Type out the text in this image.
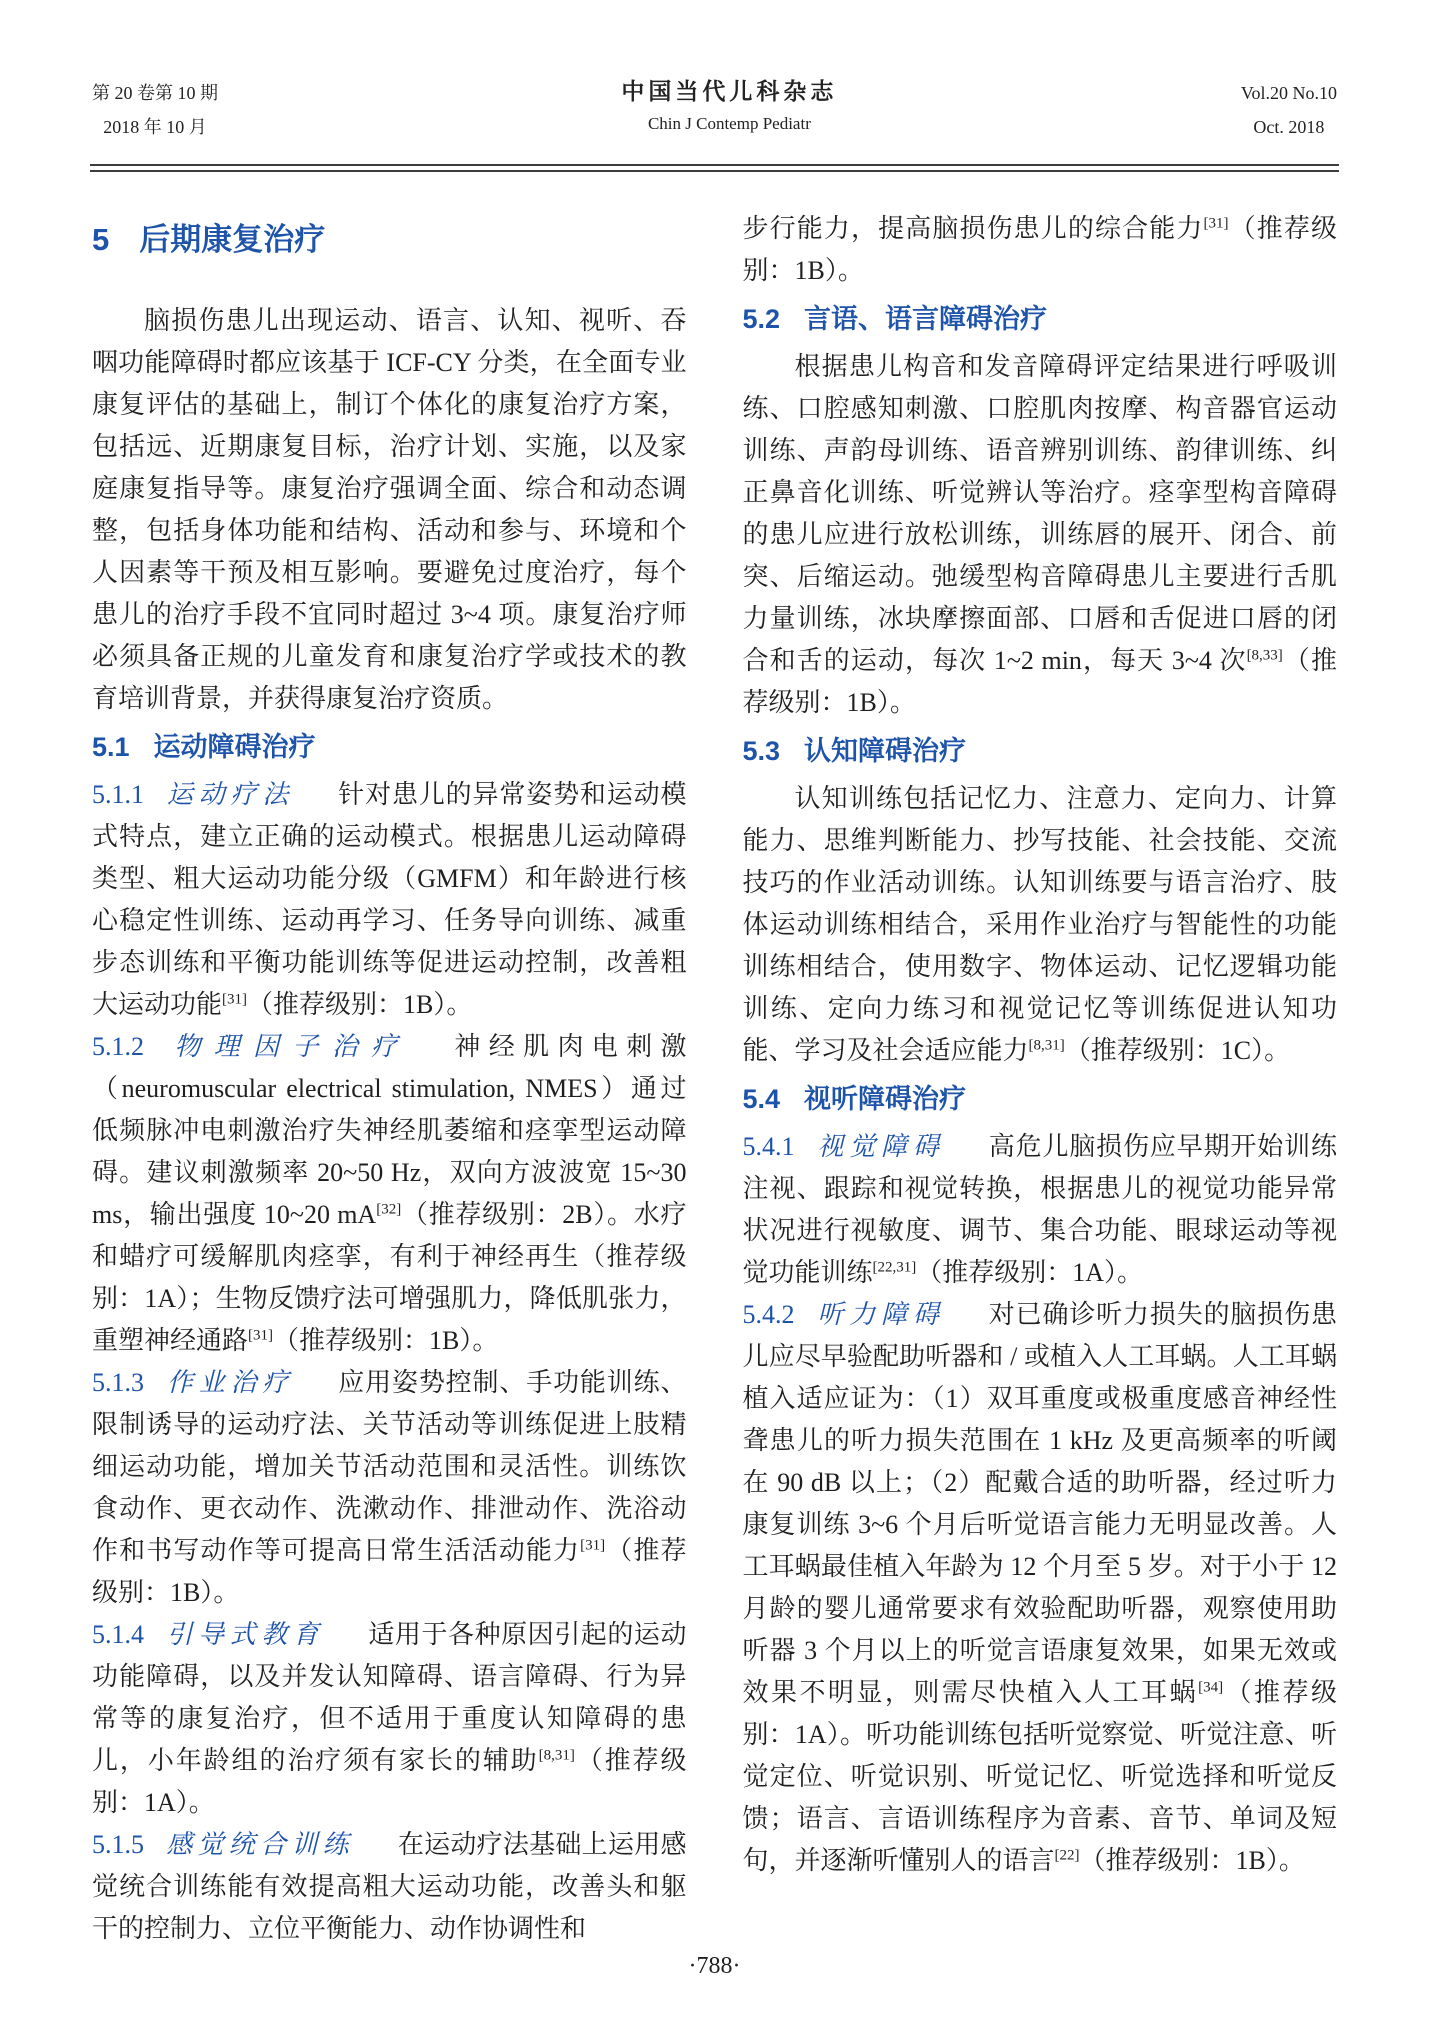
第 20 卷第 10 期
2018 年 10 月
中国当代儿科杂志
Chin J Contemp Pediatr
Vol.20 No.10
Oct. 2018
5 后期康复治疗

脑损伤患儿出现运动、语言、认知、视听、吞咽功能障碍时都应该基于 ICF-CY 分类，在全面专业康复评估的基础上，制订个体化的康复治疗方案，包括远、近期康复目标，治疗计划、实施，以及家庭康复指导等。康复治疗强调全面、综合和动态调整，包括身体功能和结构、活动和参与、环境和个人因素等干预及相互影响。要避免过度治疗，每个患儿的治疗手段不宜同时超过 3~4 项。康复治疗师必须具备正规的儿童发育和康复治疗学或技术的教育培训背景，并获得康复治疗资质。

5.1 运动障碍治疗

5.1.1 运动疗法 针对患儿的异常姿势和运动模式特点，建立正确的运动模式。根据患儿运动障碍类型、粗大运动功能分级（GMFM）和年龄进行核心稳定性训练、运动再学习、任务导向训练、减重步态训练和平衡功能训练等促进运动控制，改善粗大运动功能[31]（推荐级别：1B）。

5.1.2 物理因子治疗 神经肌肉电刺激（neuromuscular electrical stimulation, NMES）通过低频脉冲电刺激治疗失神经肌萎缩和痉挛型运动障碍。建议刺激频率 20~50 Hz，双向方波波宽 15~30 ms，输出强度 10~20 mA[32]（推荐级别：2B）。水疗和蜡疗可缓解肌肉痉挛，有利于神经再生（推荐级别：1A）；生物反馈疗法可增强肌力，降低肌张力，重塑神经通路[31]（推荐级别：1B）。

5.1.3 作业治疗 应用姿势控制、手功能训练、限制诱导的运动疗法、关节活动等训练促进上肢精细运动功能，增加关节活动范围和灵活性。训练饮食动作、更衣动作、洗漱动作、排泄动作、洗浴动作和书写动作等可提高日常生活活动能力[31]（推荐级别：1B）。

5.1.4 引导式教育 适用于各种原因引起的运动功能障碍，以及并发认知障碍、语言障碍、行为异常等的康复治疗，但不适用于重度认知障碍的患儿，小年龄组的治疗须有家长的辅助[8,31]（推荐级别：1A）。

5.1.5 感觉统合训练 在运动疗法基础上运用感觉统合训练能有效提高粗大运动功能，改善头和躯干的控制力、立位平衡能力、动作协调性和

步行能力，提高脑损伤患儿的综合能力[31]（推荐级别：1B）。

5.2 言语、语言障碍治疗

根据患儿构音和发音障碍评定结果进行呼吸训练、口腔感知刺激、口腔肌肉按摩、构音器官运动训练、声韵母训练、语音辨别训练、韵律训练、纠正鼻音化训练、听觉辨认等治疗。痉挛型构音障碍的患儿应进行放松训练，训练唇的展开、闭合、前突、后缩运动。弛缓型构音障碍患儿主要进行舌肌力量训练，冰块摩擦面部、口唇和舌促进口唇的闭合和舌的运动，每次 1~2 min，每天 3~4 次[8,33]（推荐级别：1B）。

5.3 认知障碍治疗

认知训练包括记忆力、注意力、定向力、计算能力、思维判断能力、抄写技能、社会技能、交流技巧的作业活动训练。认知训练要与语言治疗、肢体运动训练相结合，采用作业治疗与智能性的功能训练相结合，使用数字、物体运动、记忆逻辑功能训练、定向力练习和视觉记忆等训练促进认知功能、学习及社会适应能力[8,31]（推荐级别：1C）。

5.4 视听障碍治疗

5.4.1 视觉障碍 高危儿脑损伤应早期开始训练注视、跟踪和视觉转换，根据患儿的视觉功能异常状况进行视敏度、调节、集合功能、眼球运动等视觉功能训练[22,31]（推荐级别：1A）。

5.4.2 听力障碍 对已确诊听力损失的脑损伤患儿应尽早验配助听器和 / 或植入人工耳蜗。人工耳蜗植入适应证为：（1）双耳重度或极重度感音神经性聋患儿的听力损失范围在 1 kHz 及更高频率的听阈在 90 dB 以上；（2）配戴合适的助听器，经过听力康复训练 3~6 个月后听觉语言能力无明显改善。人工耳蜗最佳植入年龄为 12 个月至 5 岁。对于小于 12 月龄的婴儿通常要求有效验配助听器，观察使用助听器 3 个月以上的听觉言语康复效果，如果无效或效果不明显，则需尽快植入人工耳蜗[34]（推荐级别：1A）。听功能训练包括听觉察觉、听觉注意、听觉定位、听觉识别、听觉记忆、听觉选择和听觉反馈；语言、言语训练程序为音素、音节、单词及短句，并逐渐听懂别人的语言[22]（推荐级别：1B）。

·788·
